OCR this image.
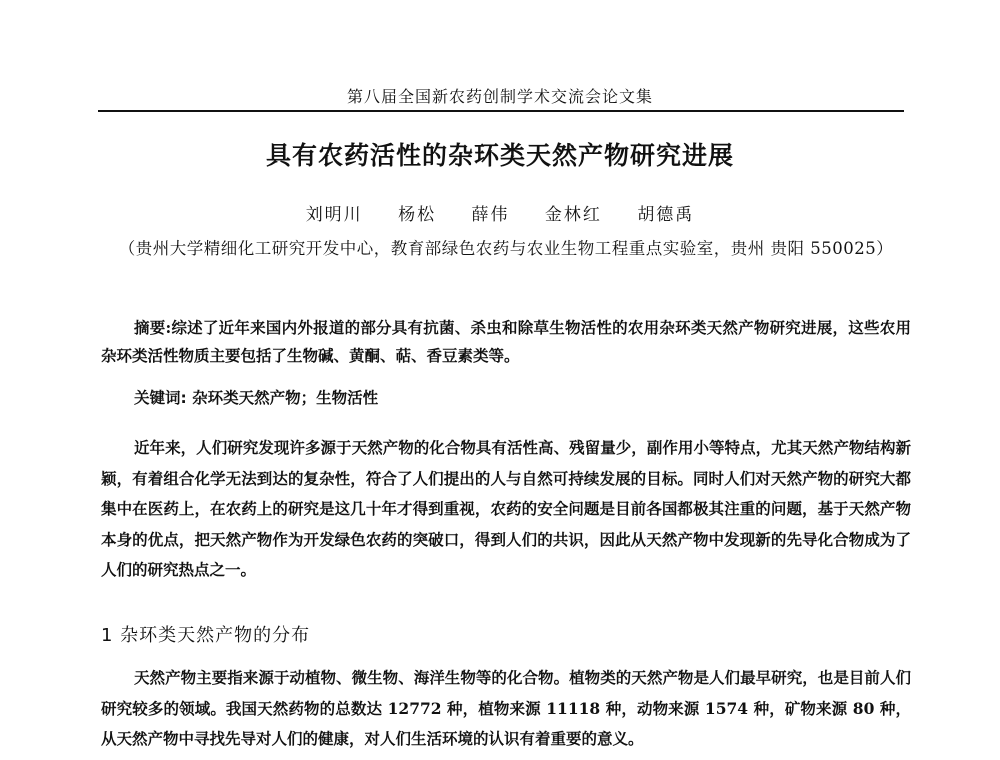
第八届全国新农药创制学术交流会论文集
具有农药活性的杂环类天然产物研究进展
刘明川 杨松 薛伟 金林红 胡德禹
（贵州大学精细化工研究开发中心，教育部绿色农药与农业生物工程重点实验室，贵州 贵阳 550025）
摘要:综述了近年来国内外报道的部分具有抗菌、杀虫和除草生物活性的农用杂环类天然产物研究进展，这些农用杂环类活性物质主要包括了生物碱、黄酮、萜、香豆素类等。
关键词: 杂环类天然产物；生物活性
近年来，人们研究发现许多源于天然产物的化合物具有活性高、残留量少，副作用小等特点，尤其天然产物结构新颖，有着组合化学无法到达的复杂性，符合了人们提出的人与自然可持续发展的目标。同时人们对天然产物的研究大都集中在医药上，在农药上的研究是这几十年才得到重视，农药的安全问题是目前各国都极其注重的问题，基于天然产物本身的优点，把天然产物作为开发绿色农药的突破口，得到人们的共识，因此从天然产物中发现新的先导化合物成为了人们的研究热点之一。
1 杂环类天然产物的分布
天然产物主要指来源于动植物、微生物、海洋生物等的化合物。植物类的天然产物是人们最早研究，也是目前人们研究较多的领域。我国天然药物的总数达 12772 种，植物来源 11118 种，动物来源 1574 种，矿物来源 80 种，从天然产物中寻找先导对人们的健康，对人们生活环境的认识有着重要的意义。
